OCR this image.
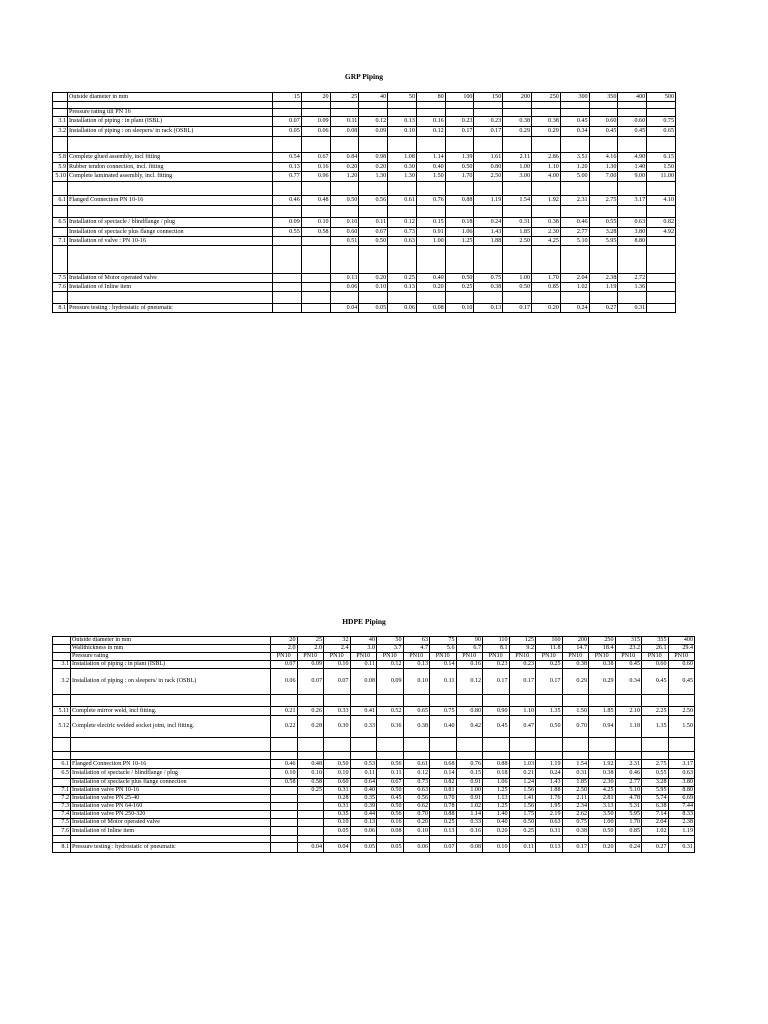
GRP Piping
	Outside diameter in mm	15	20	25	40	50	80	100	150	200	250	300	350	400	500

	Pressure rating till PN 16														
3.1	Installation of piping : in plant (ISBL)	0.07	0.09	0.11	0.12	0.13	0.16	0.23	0.23	0.38	0.38	0.45	0.60	0.60	0.75
3.2	Installation of piping : on sleepers/ in rack (OSBL)	0.05	0.06	0.08	0.09	0.10	0.12	0.17	0.17	0.29	0.29	0.34	0.45	0.45	0.65

5.8	Complete glued assembly, incl fitting	0.54	0.67	0.84	0.98	1.08	1.14	1.39	1.61	2.11	2.86	3.51	4.16	4.90	6.15
5.9	Rubber tendon connection, incl. fitting	0.13	0.16	0.20	0.20	0.30	0.40	0.50	0.80	1.00	1.10	1.20	1.30	1.40	1.50
5.10	Complete laminated assembly, incl. fitting	0.77	0.96	1.20	1.30	1.30	1.50	1.70	2.50	3.00	4.00	5.00	7.00	9.00	11.00

6.1	Flanged Connection PN 10-16	0.46	0.48	0.50	0.56	0.61	0.76	0.88	1.19	1.54	1.92	2.31	2.75	3.17	4.10

6.5	Installation of spectacle / blindflange / plug	0.09	0.10	0.10	0.11	0.12	0.15	0.18	0.24	0.31	0.38	0.46	0.55	0.63	0.82
	Installation of spectacle plus flange connection	0.55	0.58	0.60	0.67	0.73	0.91	1.06	1.43	1.85	2.30	2.77	3.28	3.80	4.92
7.1	Installation of valve : PN 10-16			0.51	0.50	0.63	1.00	1.25	1.88	2.50	4.25	5.10	5.95	8.80	

7.5	Installation of Motor operated valve			0.13	0.20	0.25	0.40	0.50	0.75	1.00	1.70	2.04	2.38	2.72	
7.6	Installation of Inline item			0.06	0.10	0.13	0.20	0.25	0.38	0.50	0.85	1.02	1.19	1.36	

8.1	Pressure testing : hydrostatic of pneumatic			0.04	0.05	0.06	0.08	0.10	0.13	0.17	0.20	0.24	0.27	0.31	
HDPE Piping
	Outside diameter in mm	20	25	32	40	50	63	75	90	110	125	160	200	250	315	355	400
	Wallthickness in mm	2.0	2.0	2.4	3.0	3.7	4.7	5.6	6.7	8.1	9.2	11.8	14.7	18.4	23.2	26.1	29.4
	Pressure rating	PN10	PN10	PN10	PN10	PN10	PN10	PN10	PN10	PN10	PN10	PN10	PN10	PN10	PN10	PN10	PN10
3.1	Installation of piping : in plant (ISBL)	0.07	0.09	0.10	0.11	0.12	0.13	0.14	0.16	0.23	0.23	0.25	0.38	0.38	0.45	0.60	0.60
3.2	Installation of piping : on sleepers/ in rack (OSBL)	0.06	0.07	0.07	0.08	0.09	0.10	0.11	0.12	0.17	0.17	0.17	0.29	0.29	0.34	0.45	0.45

5.11	Complete mirror weld, incl fitting.	0.21	0.26	0.33	0.41	0.52	0.65	0.75	0.80	0.90	1.10	1.35	1.50	1.85	2.10	2.25	2.50
5.12	Complete electric welded socket joint, incl fitting.	0.22	0.28	0.30	0.33	0.36	0.38	0.40	0.42	0.45	0.47	0.50	0.70	0.94	1.18	1.35	1.50

6.1	Flanged Connection PN 10-16	0.46	0.48	0.50	0.53	0.56	0.61	0.68	0.76	0.88	1.03	1.19	1.54	1.92	2.31	2.75	3.17
6.5	Installation of spectacle / blindflange / plug	0.10	0.10	0.10	0.11	0.11	0.12	0.14	0.15	0.18	0.21	0.24	0.31	0.38	0.46	0.55	0.63
	Installation of spectacle plus flange connection	0.58	0.58	0.60	0.64	0.67	0.73	0.82	0.91	1.06	1.24	1.43	1.85	2.30	2.77	3.28	3.80
7.1	Installation valve PN 10-16		0.25	0.31	0.40	0.50	0.63	0.81	1.00	1.25	1.56	1.88	2.50	4.25	5.10	5.95	8.80
7.2	Installation valve PN 25-40			0.28	0.35	0.45	0.56	0.70	0.91	1.13	1.41	1.76	2.11	2.81	4.78	5.74	6.69
7.3	Installation valve PN 64-160			0.31	0.39	0.50	0.62	0.78	1.02	1.25	1.56	1.95	2.34	3.13	5.31	6.38	7.44
7.4	Installation valve PN 250-320			0.35	0.44	0.56	0.70	0.88	1.14	1.40	1.75	2.19	2.62	3.50	5.95	7.14	8.33
7.5	Installation of Motor operated valve			0.10	0.13	0.16	0.20	0.25	0.33	0.40	0.50	0.63	0.75	1.00	1.70	2.04	2.38
7.6	Installation of Inline item			0.05	0.06	0.08	0.10	0.13	0.16	0.20	0.25	0.31	0.38	0.50	0.85	1.02	1.19

8.1	Pressure testing : hydrostatic of pneumatic		0.04	0.04	0.05	0.05	0.06	0.07	0.08	0.10	0.11	0.13	0.17	0.20	0.24	0.27	0.31
